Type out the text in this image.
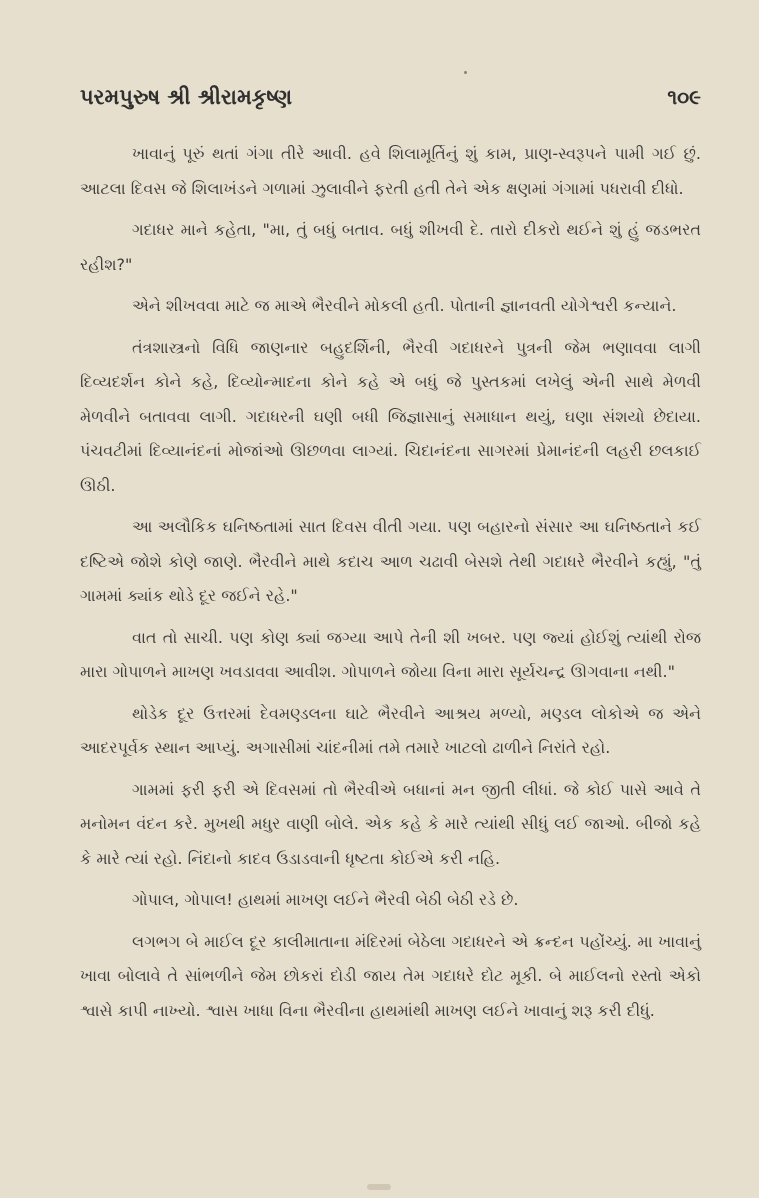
પરમપુરુષ શ્રી શ્રીરામકૃષ્ણ	૧૦૯

ખાવાનું પૂરું થતાં ગંગા તીરે આવી. હવે શિલામૂર્તિનું શું કામ, પ્રાણ-સ્વરૂપને પામી ગઈ છું. આટલા દિવસ જે શિલાખંડને ગળામાં ઝુલાવીને ફરતી હતી તેને એક ક્ષણમાં ગંગામાં પધરાવી દીધો.

ગદાધર માને કહેતા, "મા, તું બધું બતાવ. બધું શીખવી દે. તારો દીકરો થઈને શું હું જડભરત રહીશ?"

એને શીખવવા માટે જ માએ ભૈરવીને મોકલી હતી. પોતાની જ્ઞાનવતી યોગેશ્વરી કન્યાને.

તંત્રશાસ્ત્રનો વિધિ જાણનાર બહુદર્શિની, ભૈરવી ગદાધરને પુત્રની જેમ ભણાવવા લાગી દિવ્યદર્શન કોને કહે, દિવ્યોન્માદના કોને કહે એ બધું જે પુસ્તકમાં લખેલું એની સાથે મેળવી મેળવીને બતાવવા લાગી. ગદાધરની ઘણી બધી જિજ્ઞાસાનું સમાધાન થયું, ઘણા સંશયો છેદાયા. પંચવટીમાં દિવ્યાનંદનાં મોજાંઓ ઊછળવા લાગ્યાં. ચિદાનંદના સાગરમાં પ્રેમાનંદની લહરી છલકાઈ ઊઠી.

આ અલૌકિક ઘનિષ્ઠતામાં સાત દિવસ વીતી ગયા. પણ બહારનો સંસાર આ ઘનિષ્ઠતાને કઈ દષ્ટિએ જોશે કોણે જાણે. ભૈરવીને માથે કદાચ આળ ચઢાવી બેસશે તેથી ગદાધરે ભૈરવીને કહ્યું, "તું ગામમાં ક્યાંક થોડે દૂર જઈને રહે."

વાત તો સાચી. પણ કોણ ક્યાં જગ્યા આપે તેની શી ખબર. પણ જ્યાં હોઈશું ત્યાંથી રોજ મારા ગોપાળને માખણ ખવડાવવા આવીશ. ગોપાળને જોયા વિના મારા સૂર્યચન્દ્ર ઊગવાના નથી."

થોડેક દૂર ઉત્તરમાં દેવમણ્ડલના ઘાટે ભૈરવીને આશ્રય મળ્યો, મણ્ડલ લોકોએ જ એને આદરપૂર્વક સ્થાન આપ્યું. અગાસીમાં ચાંદનીમાં તમે તમારે ખાટલો ઢાળીને નિરાંતે રહો.

ગામમાં ફરી ફરી એ દિવસમાં તો ભૈરવીએ બધાનાં મન જીતી લીધાં. જે કોઈ પાસે આવે તે મનોમન વંદન કરે. મુખથી મધુર વાણી બોલે. એક કહે કે મારે ત્યાંથી સીધું લઈ જાઓ. બીજો કહે કે મારે ત્યાં રહો. નિંદાનો કાદવ ઉડાડવાની ધૃષ્ટતા કોઈએ કરી નહિ.

ગોપાલ, ગોપાલ! હાથમાં માખણ લઈને ભૈરવી બેઠી બેઠી રડે છે.

લગભગ બે માઈલ દૂર કાલીમાતાના મંદિરમાં બેઠેલા ગદાધરને એ ક્રન્દન પહોંચ્યું. મા ખાવાનું ખાવા બોલાવે તે સાંભળીને જેમ છોકરાં દોડી જાય તેમ ગદાધરે દોટ મૂકી. બે માઈલનો રસ્તો એકો શ્વાસે કાપી નાખ્યો. શ્વાસ ખાધા વિના ભૈરવીના હાથમાંથી માખણ લઈને ખાવાનું શરૂ કરી દીધું.
